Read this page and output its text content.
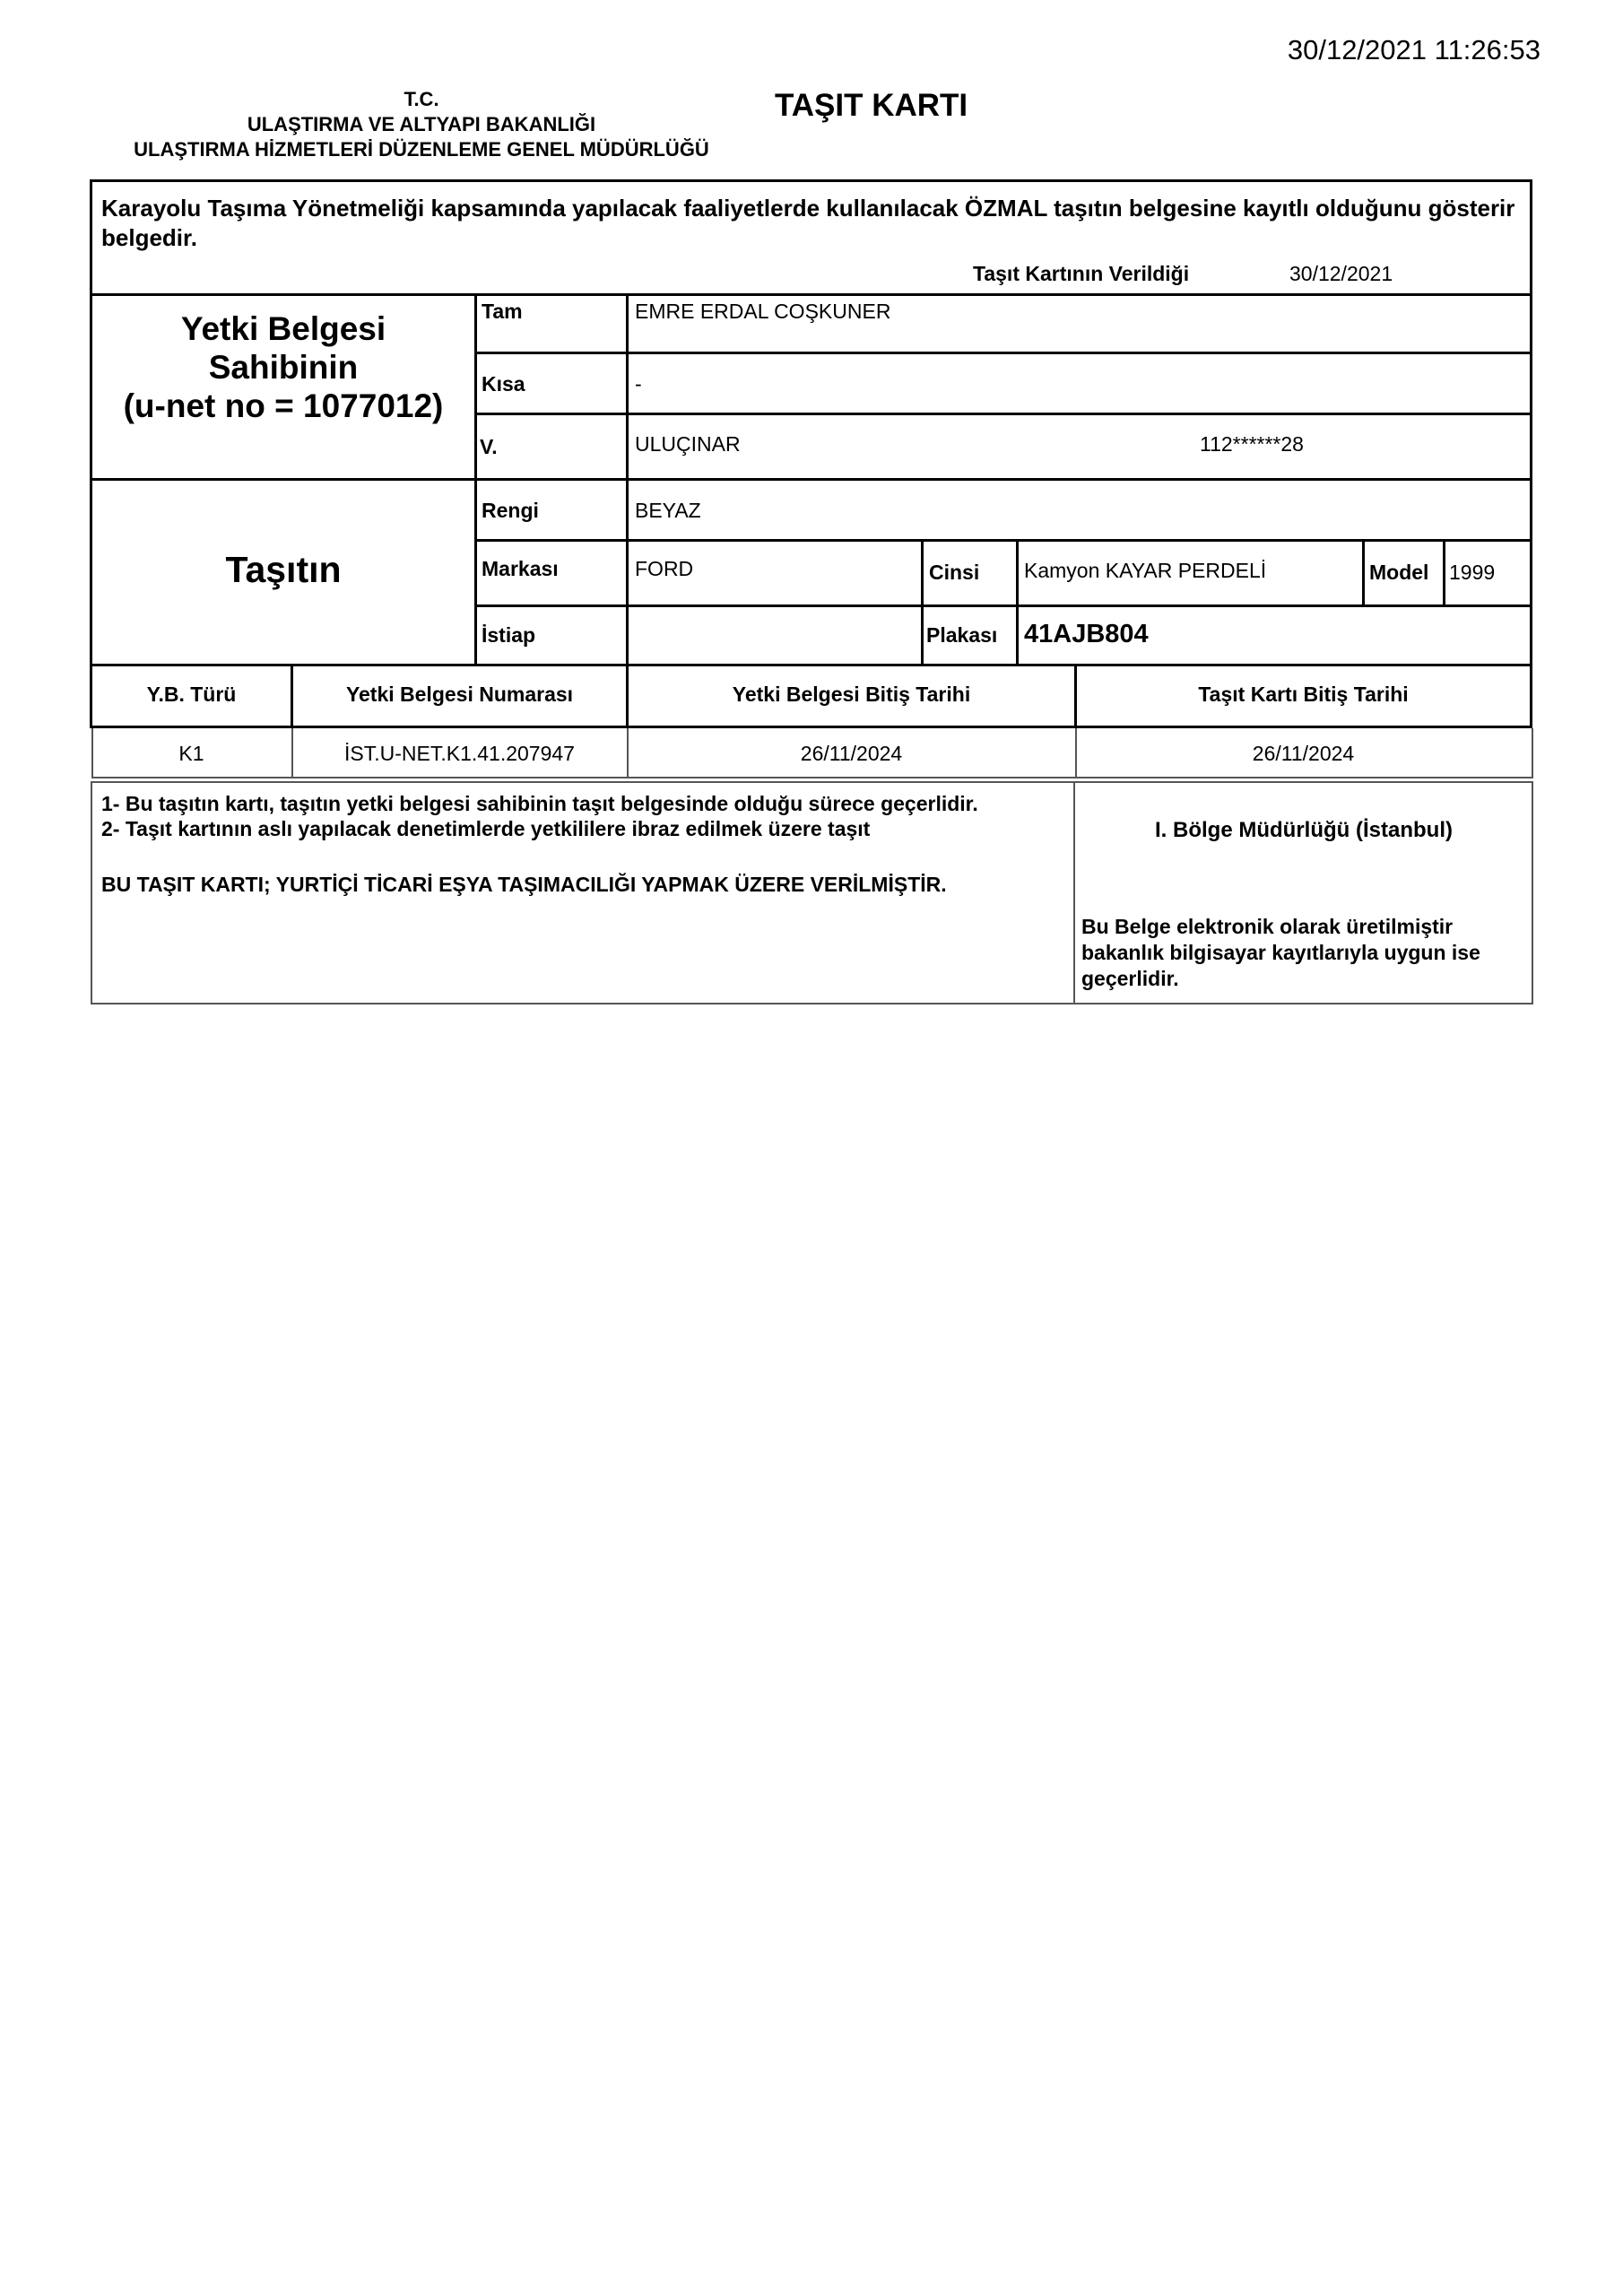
30/12/2021 11:26:53
T.C.
ULAŞTIRMA VE ALTYAPI BAKANLIĞI
ULAŞTIRMA HİZMETLERİ DÜZENLEME GENEL MÜDÜRLÜĞÜ
TAŞIT KARTI
Karayolu Taşıma Yönetmeliği kapsamında yapılacak faaliyetlerde kullanılacak ÖZMAL taşıtın belgesine kayıtlı olduğunu gösterir belgedir.
Taşıt Kartının Verildiği	30/12/2021
Yetki Belgesi
Sahibinin
(u-net no = 1077012)
Tam	EMRE ERDAL COŞKUNER
Kısa	-
V.	ULUÇINAR	112******28
Taşıtın
Rengi	BEYAZ
Markası	FORD	Cinsi Kamyon KAYAR PERDELİ	Model 1999
İstiap	Plakası 41AJB804
Y.B. Türü	Yetki Belgesi Numarası	Yetki Belgesi Bitiş Tarihi	Taşıt Kartı Bitiş Tarihi
K1	İST.U-NET.K1.41.207947	26/11/2024	26/11/2024
1- Bu taşıtın kartı, taşıtın yetki belgesi sahibinin taşıt belgesinde olduğu sürece geçerlidir.
2- Taşıt kartının aslı yapılacak denetimlerde yetkililere ibraz edilmek üzere taşıt
BU TAŞIT KARTI; YURTİÇİ TİCARİ EŞYA TAŞIMACILIĞI YAPMAK ÜZERE VERİLMİŞTİR.
I. Bölge Müdürlüğü (İstanbul)
Bu Belge elektronik olarak üretilmiştir
bakanlık bilgisayar kayıtlarıyla uygun ise
geçerlidir.
